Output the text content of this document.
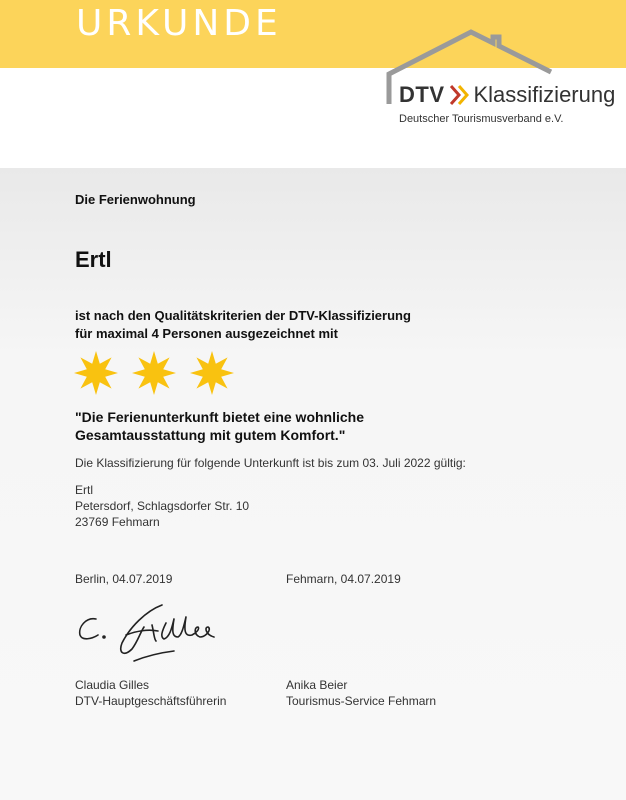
URKUNDE
DTV Klassifizierung
Deutscher Tourismusverband e.V.
Die Ferienwohnung
Ertl
ist nach den Qualitätskriterien der DTV-Klassifizierung
für maximal 4 Personen ausgezeichnet mit
"Die Ferienunterkunft bietet eine wohnliche
Gesamtausstattung mit gutem Komfort."
Die Klassifizierung für folgende Unterkunft ist bis zum 03. Juli 2022 gültig:
Ertl
Petersdorf, Schlagsdorfer Str. 10
23769 Fehmarn
Berlin, 04.07.2019	Fehmarn, 04.07.2019
Claudia Gilles
DTV-Hauptgeschäftsführerin
Anika Beier
Tourismus-Service Fehmarn
